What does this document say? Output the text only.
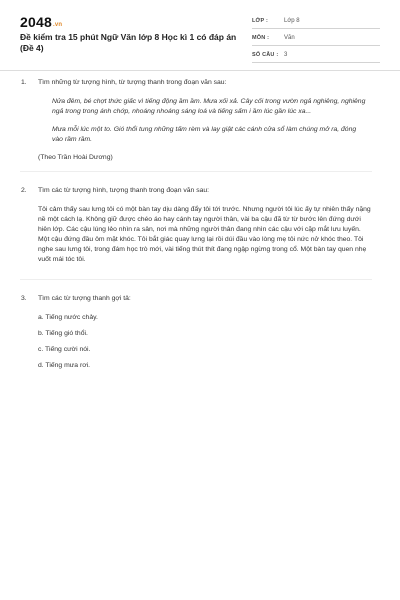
2048.vn
Đề kiểm tra 15 phút Ngữ Văn lớp 8 Học kì 1 có đáp án (Đề 4)
LỚP :	Lớp 8
MÔN :	Văn
SỐ CÂU : 3
1. Tìm những từ tượng hình, từ tượng thanh trong đoạn văn sau:
Nửa đêm, bé chợt thức giấc vì tiếng động ầm ầm. Mưa xối xả. Cây cối trong vườn ngả nghiêng, nghiêng ngả trong trong ánh chớp, nhoáng nhoáng sáng loá và tiếng sấm i ầm lúc gần lúc xa...
Mưa mỗi lúc một to. Gió thổi tung những tấm rèm và lay giật các cánh cửa sổ làm chúng mở ra, đóng vào rầm rầm.
(Theo Trần Hoài Dương)
2. Tìm các từ tượng hình, tượng thanh trong đoạn văn sau:
Tôi cảm thấy sau lưng tôi có một bàn tay dịu dàng đẩy tôi tới trước. Nhưng người tôi lúc ấy tự nhiên thấy nặng nề một cách lạ. Không giữ được chéo áo hay cánh tay người thân, vài ba cậu đã từ từ bước lên đứng dưới hiên lớp. Các cậu lúng lẻo nhìn ra sân, nơi mà những người thân đang nhìn các cậu với cặp mắt lưu luyến. Một cậu đứng đầu ôm mặt khóc. Tôi bắt giác quay lưng lại rồi dúi đầu vào lòng mẹ tôi nức nở khóc theo. Tôi nghe sau lưng tôi, trong đám học trò mới, vài tiếng thút thít đang ngập ngừng trong cổ. Một bàn tay quen nhẹ vuốt mái tóc tôi.
3. Tìm các từ tượng thanh gợi tả:
a. Tiếng nước chảy.
b. Tiếng gió thổi.
c. Tiếng cười nói.
d. Tiếng mưa rơi.
